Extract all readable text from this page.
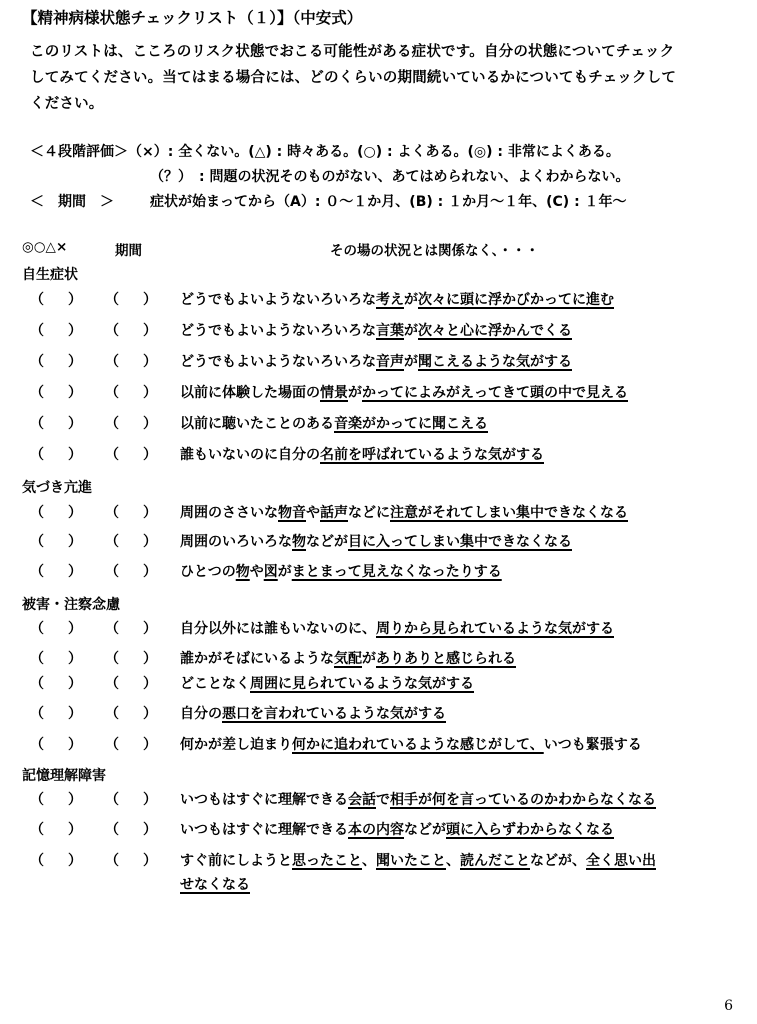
【精神病様状態チェックリスト（１）】（中安式）
このリストは、こころのリスク状態でおこる可能性がある症状です。自分の状態についてチェック
してみてください。当てはまる場合には、どのくらいの期間続いているかについてもチェックして
ください。
＜４段階評価＞（×）: 全くない。(△) : 時々ある。(○) : よくある。(◎) : 非常によくある。
（？）　: 問題の状況そのものがない、あてはめられない、よくわからない。
＜　期間　＞	症状が始まってから（A）: ０～１か月、(B) : １か月～１年、(C) : １年～
◎○△×	期間	その場の状況とは関係なく、・・・
自生症状
（ ） （ ） どうでもよいようないろいろな考えが次々に頭に浮かびかってに進む
（ ） （ ） どうでもよいようないろいろな言葉が次々と心に浮かんでくる
（ ） （ ） どうでもよいようないろいろな音声が聞こえるような気がする
（ ） （ ） 以前に体験した場面の情景がかってによみがえってきて頭の中で見える
（ ） （ ） 以前に聴いたことのある音楽がかってに聞こえる
（ ） （ ） 誰もいないのに自分の名前を呼ばれているような気がする
気づき亢進
（ ） （ ） 周囲のささいな物音や話声などに注意がそれてしまい集中できなくなる
（ ） （ ） 周囲のいろいろな物などが目に入ってしまい集中できなくなる
（ ） （ ） ひとつの物や図がまとまって見えなくなったりする
被害・注察念慮
（ ） （ ） 自分以外には誰もいないのに、周りから見られているような気がする
（ ） （ ） 誰かがそばにいるような気配がありありと感じられる
（ ） （ ） どことなく周囲に見られているような気がする
（ ） （ ） 自分の悪口を言われているような気がする
（ ） （ ） 何かが差し迫まり何かに追われているような感じがして、いつも緊張する
記憶理解障害
（ ） （ ） いつもはすぐに理解できる会話で相手が何を言っているのかわからなくなる
（ ） （ ） いつもはすぐに理解できる本の内容などが頭に入らずわからなくなる
（ ） （ ） すぐ前にしようと思ったこと、聞いたこと、読んだことなどが、全く思い出
せなくなる
6
